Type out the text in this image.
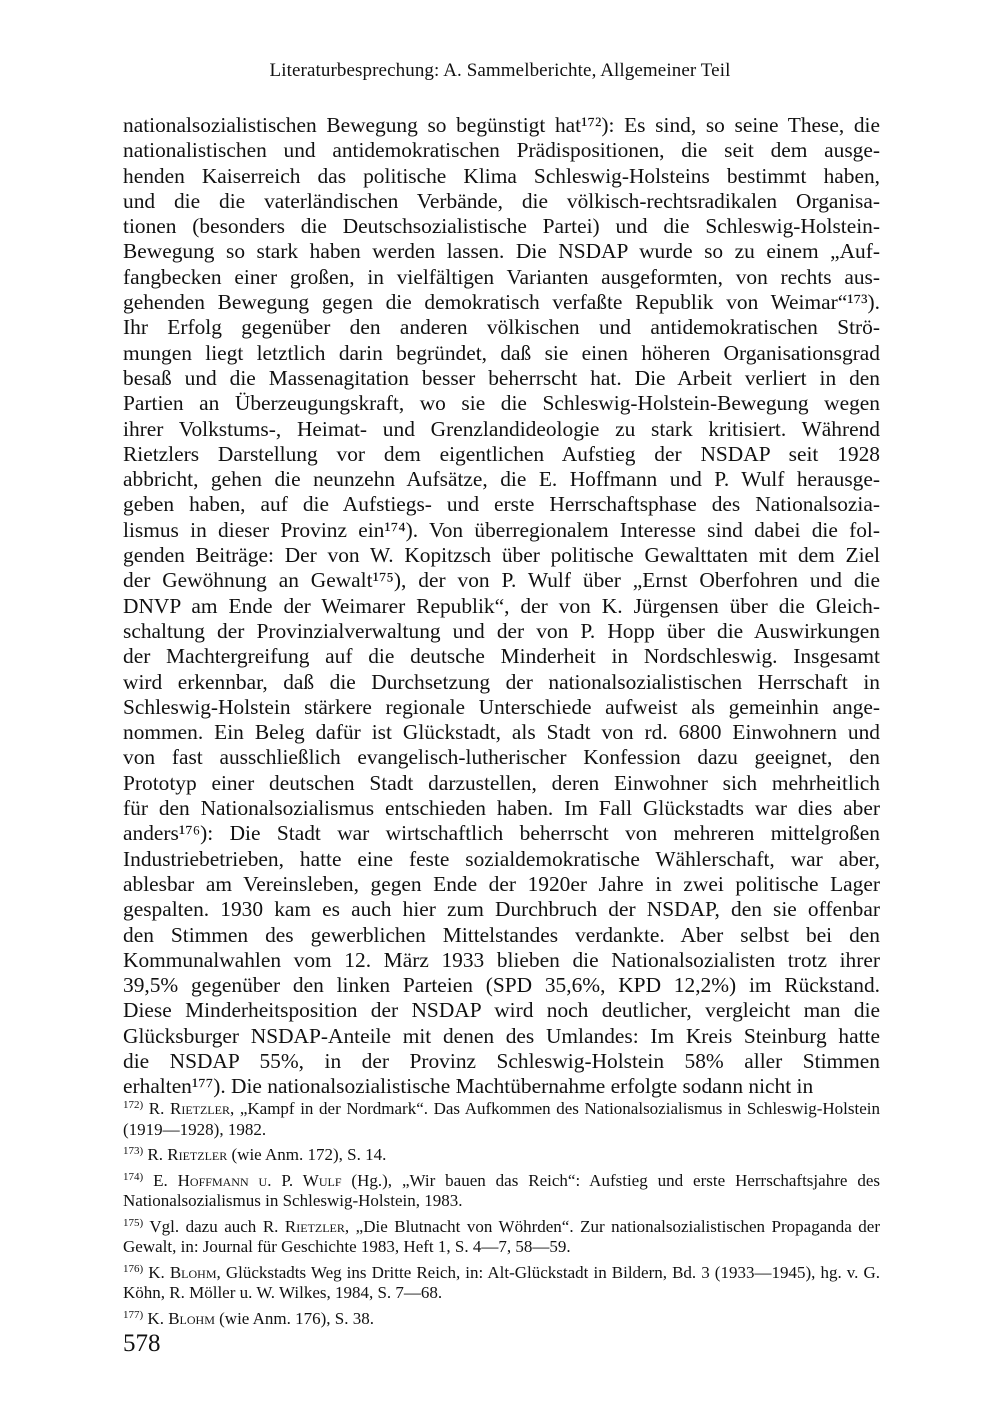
Literaturbesprechung: A. Sammelberichte, Allgemeiner Teil
nationalsozialistischen Bewegung so begünstigt hat¹⁷²): Es sind, so seine These, die
nationalistischen und antidemokratischen Prädispositionen, die seit dem ausge-
henden Kaiserreich das politische Klima Schleswig-Holsteins bestimmt haben,
und die die vaterländischen Verbände, die völkisch-rechtsradikalen Organisa-
tionen (besonders die Deutschsozialistische Partei) und die Schleswig-Holstein-
Bewegung so stark haben werden lassen. Die NSDAP wurde so zu einem „Auf-
fangbecken einer großen, in vielfältigen Varianten ausgeformten, von rechts aus-
gehenden Bewegung gegen die demokratisch verfaßte Republik von Weimar“¹⁷³).
Ihr Erfolg gegenüber den anderen völkischen und antidemokratischen Strö-
mungen liegt letztlich darin begründet, daß sie einen höheren Organisationsgrad
besaß und die Massenagitation besser beherrscht hat. Die Arbeit verliert in den
Partien an Überzeugungskraft, wo sie die Schleswig-Holstein-Bewegung wegen
ihrer Volkstums-, Heimat- und Grenzlandideologie zu stark kritisiert. Während
Rietzlers Darstellung vor dem eigentlichen Aufstieg der NSDAP seit 1928
abbricht, gehen die neunzehn Aufsätze, die E. Hoffmann und P. Wulf herausge-
geben haben, auf die Aufstiegs- und erste Herrschaftsphase des Nationalsozia-
lismus in dieser Provinz ein¹⁷⁴). Von überregionalem Interesse sind dabei die fol-
genden Beiträge: Der von W. Kopitzsch über politische Gewalttaten mit dem Ziel
der Gewöhnung an Gewalt¹⁷⁵), der von P. Wulf über „Ernst Oberfohren und die
DNVP am Ende der Weimarer Republik“, der von K. Jürgensen über die Gleich-
schaltung der Provinzialverwaltung und der von P. Hopp über die Auswirkungen
der Machtergreifung auf die deutsche Minderheit in Nordschleswig. Insgesamt
wird erkennbar, daß die Durchsetzung der nationalsozialistischen Herrschaft in
Schleswig-Holstein stärkere regionale Unterschiede aufweist als gemeinhin ange-
nommen. Ein Beleg dafür ist Glückstadt, als Stadt von rd. 6800 Einwohnern und
von fast ausschließlich evangelisch-lutherischer Konfession dazu geeignet, den
Prototyp einer deutschen Stadt darzustellen, deren Einwohner sich mehrheitlich
für den Nationalsozialismus entschieden haben. Im Fall Glückstadts war dies aber
anders¹⁷⁶): Die Stadt war wirtschaftlich beherrscht von mehreren mittelgroßen
Industriebetrieben, hatte eine feste sozialdemokratische Wählerschaft, war aber,
ablesbar am Vereinsleben, gegen Ende der 1920er Jahre in zwei politische Lager
gespalten. 1930 kam es auch hier zum Durchbruch der NSDAP, den sie offenbar
den Stimmen des gewerblichen Mittelstandes verdankte. Aber selbst bei den
Kommunalwahlen vom 12. März 1933 blieben die Nationalsozialisten trotz ihrer
39,5% gegenüber den linken Parteien (SPD 35,6%, KPD 12,2%) im Rückstand.
Diese Minderheitsposition der NSDAP wird noch deutlicher, vergleicht man die
Glücksburger NSDAP-Anteile mit denen des Umlandes: Im Kreis Steinburg hatte
die NSDAP 55%, in der Provinz Schleswig-Holstein 58% aller Stimmen
erhalten¹⁷⁷). Die nationalsozialistische Machtübernahme erfolgte sodann nicht in
$^{172)}$ R. Rietzler, „Kampf in der Nordmark“. Das Aufkommen des Nationalsozialismus in Schleswig-Holstein (1919—1928), 1982.
$^{173)}$ R. Rietzler (wie Anm. 172), S. 14.
$^{174)}$ E. Hoffmann u. P. Wulf (Hg.), „Wir bauen das Reich“: Aufstieg und erste Herrschaftsjahre des Nationalsozialismus in Schleswig-Holstein, 1983.
$^{175)}$ Vgl. dazu auch R. Rietzler, „Die Blutnacht von Wöhrden“. Zur nationalsozialistischen Propaganda der Gewalt, in: Journal für Geschichte 1983, Heft 1, S. 4—7, 58—59.
$^{176)}$ K. Blohm, Glückstadts Weg ins Dritte Reich, in: Alt-Glückstadt in Bildern, Bd. 3 (1933—1945), hg. v. G. Köhn, R. Möller u. W. Wilkes, 1984, S. 7—68.
$^{177)}$ K. Blohm (wie Anm. 176), S. 38.
578
